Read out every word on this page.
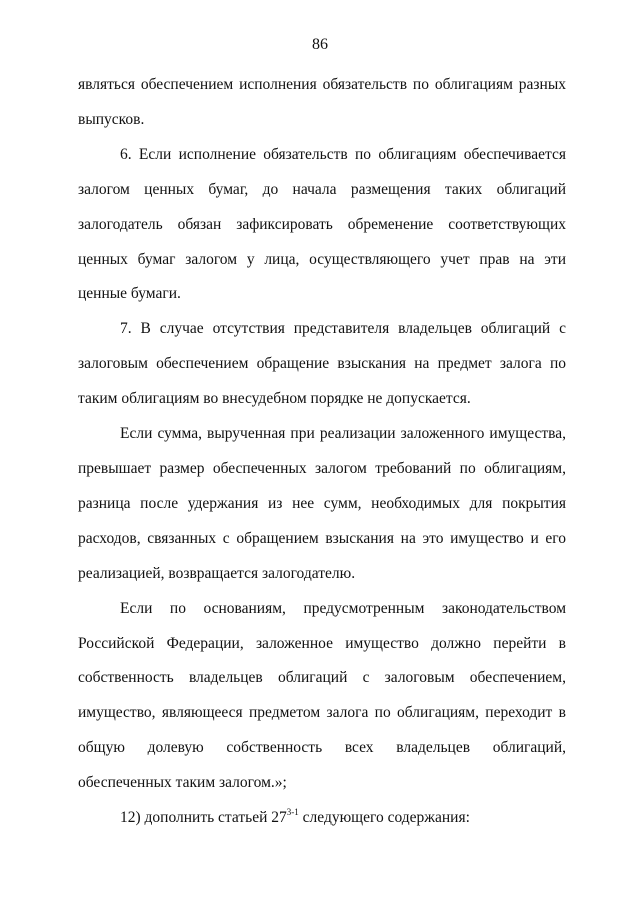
86

являться обеспечением исполнения обязательств по облигациям разных выпусков.

6. Если исполнение обязательств по облигациям обеспечивается залогом ценных бумаг, до начала размещения таких облигаций залогодатель обязан зафиксировать обременение соответствующих ценных бумаг залогом у лица, осуществляющего учет прав на эти ценные бумаги.

7. В случае отсутствия представителя владельцев облигаций с залоговым обеспечением обращение взыскания на предмет залога по таким облигациям во внесудебном порядке не допускается.

Если сумма, вырученная при реализации заложенного имущества, превышает размер обеспеченных залогом требований по облигациям, разница после удержания из нее сумм, необходимых для покрытия расходов, связанных с обращением взыскания на это имущество и его реализацией, возвращается залогодателю.

Если по основаниям, предусмотренным законодательством Российской Федерации, заложенное имущество должно перейти в собственность владельцев облигаций с залоговым обеспечением, имущество, являющееся предметом залога по облигациям, переходит в общую долевую собственность всех владельцев облигаций, обеспеченных таким залогом.»;

12) дополнить статьей 27$^{3-1}$ следующего содержания:
